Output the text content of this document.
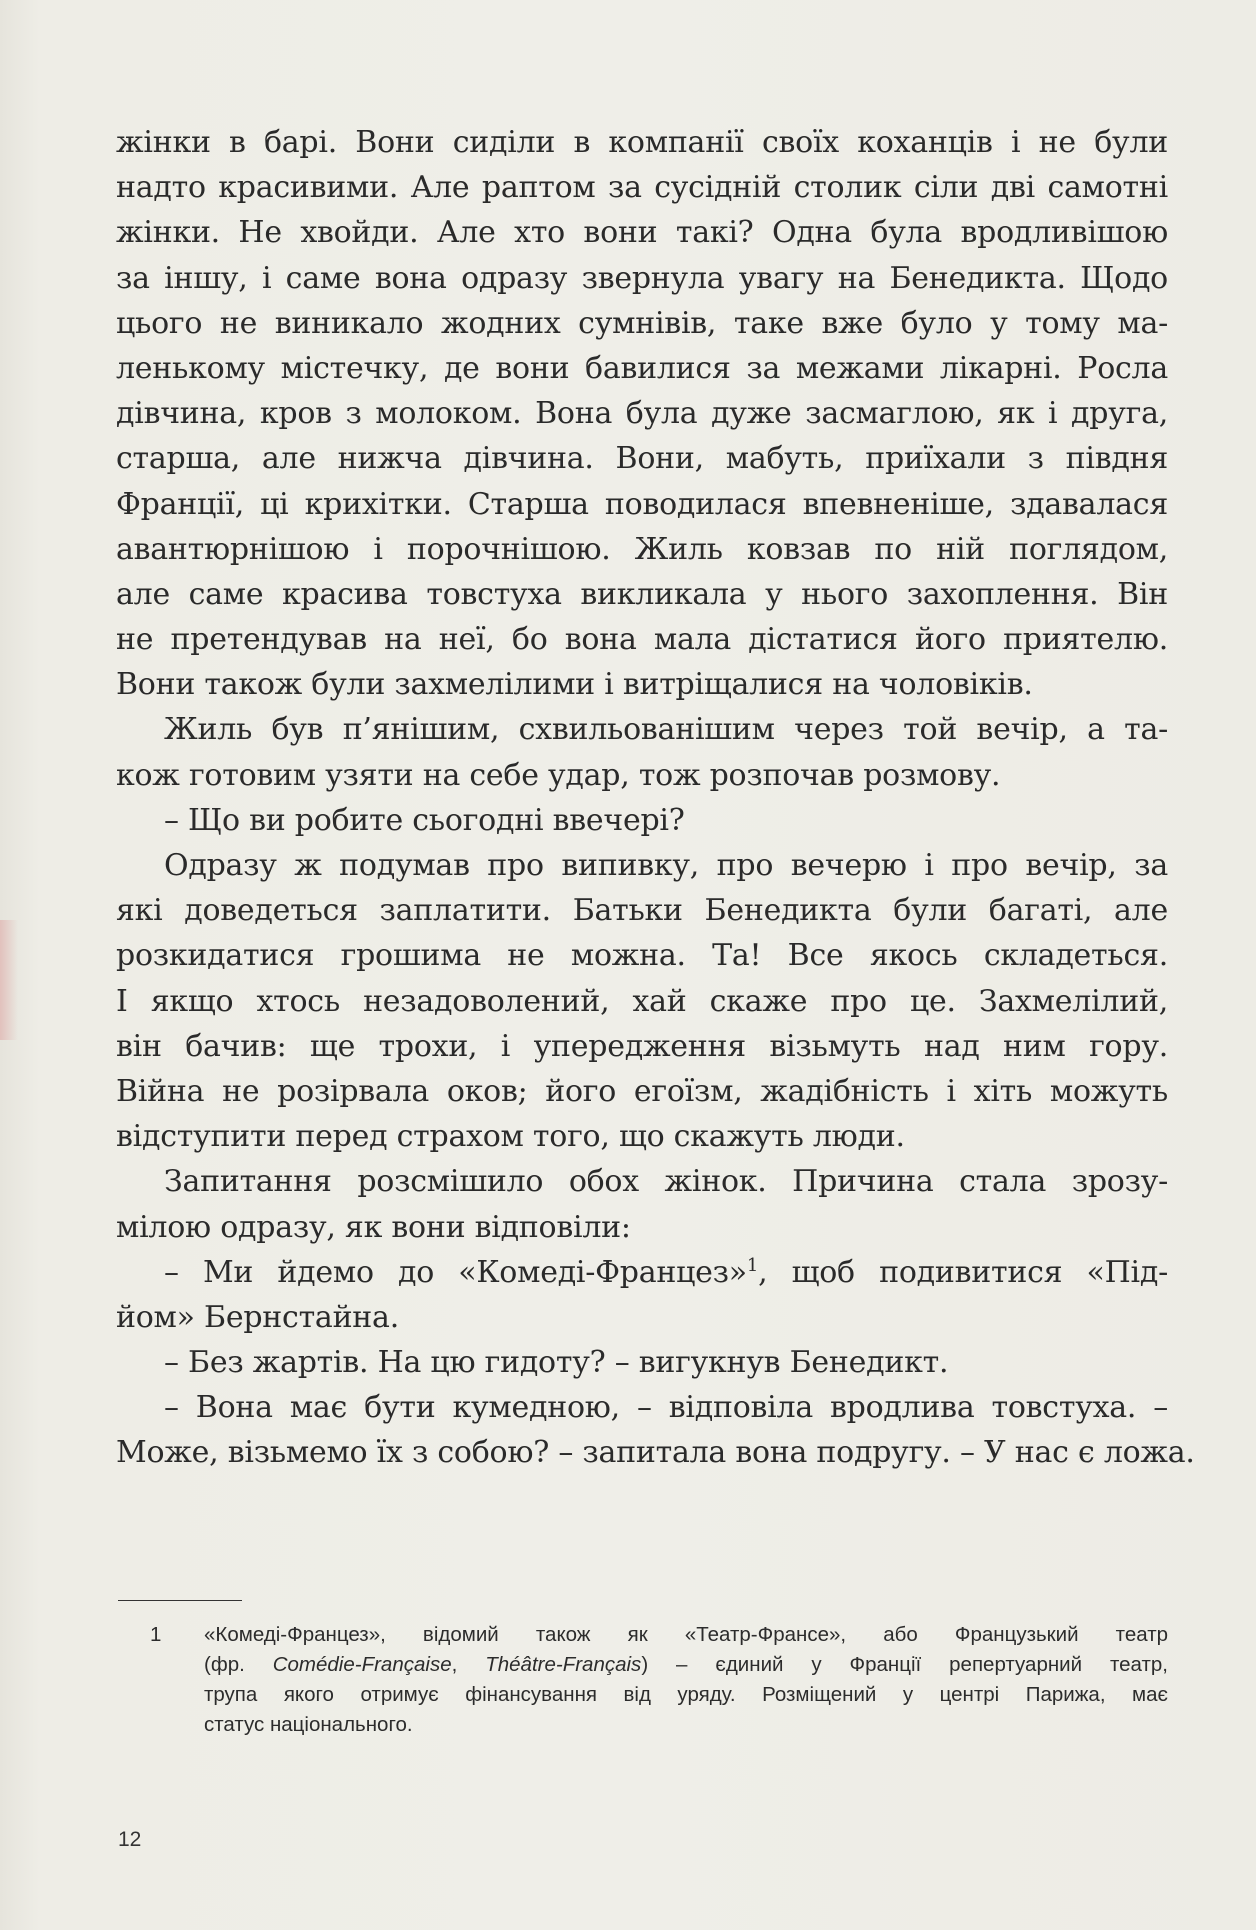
жінки в барі. Вони сиділи в компанії своїх коханців і не були
надто красивими. Але раптом за сусідній столик сіли дві самотні
жінки. Не хвойди. Але хто вони такі? Одна була вродливішою
за іншу, і саме вона одразу звернула увагу на Бенедикта. Щодо
цього не виникало жодних сумнівів, таке вже було у тому ма-
ленькому містечку, де вони бавилися за межами лікарні. Росла
дівчина, кров з молоком. Вона була дуже засмаглою, як і друга,
старша, але нижча дівчина. Вони, мабуть, приїхали з півдня
Франції, ці крихітки. Старша поводилася впевненіше, здавалася
авантюрнішою і порочнішою. Жиль ковзав по ній поглядом,
але саме красива товстуха викликала у нього захоплення. Він
не претендував на неї, бо вона мала дістатися його приятелю.
Вони також були захмелілими і витріщалися на чоловіків.
Жиль був п’янішим, схвильованішим через той вечір, а та-
кож готовим узяти на себе удар, тож розпочав розмову.
– Що ви робите сьогодні ввечері?
Одразу ж подумав про випивку, про вечерю і про вечір, за
які доведеться заплатити. Батьки Бенедикта були багаті, але
розкидатися грошима не можна. Та! Все якось складеться.
І якщо хтось незадоволений, хай скаже про це. Захмелілий,
він бачив: ще трохи, і упередження візьмуть над ним гору.
Війна не розірвала оков; його егоїзм, жадібність і хіть можуть
відступити перед страхом того, що скажуть люди.
Запитання розсмішило обох жінок. Причина стала зрозу-
мілою одразу, як вони відповіли:
– Ми йдемо до «Комеді-Францез»$^1$, щоб подивитися «Під-
йом» Бернстайна.
– Без жартів. На цю гидоту? – вигукнув Бенедикт.
– Вона має бути кумедною, – відповіла вродлива товстуха. –
Може, візьмемо їх з собою? – запитала вона подругу. – У нас є ложа.
1 «Комеді-Францез», відомий також як «Театр-Франсе», або Французький театр
(фр. Comédie-Française, Théâtre-Français) – єдиний у Франції репертуарний театр,
трупа якого отримує фінансування від уряду. Розміщений у центрі Парижа, має
статус національного.
12
